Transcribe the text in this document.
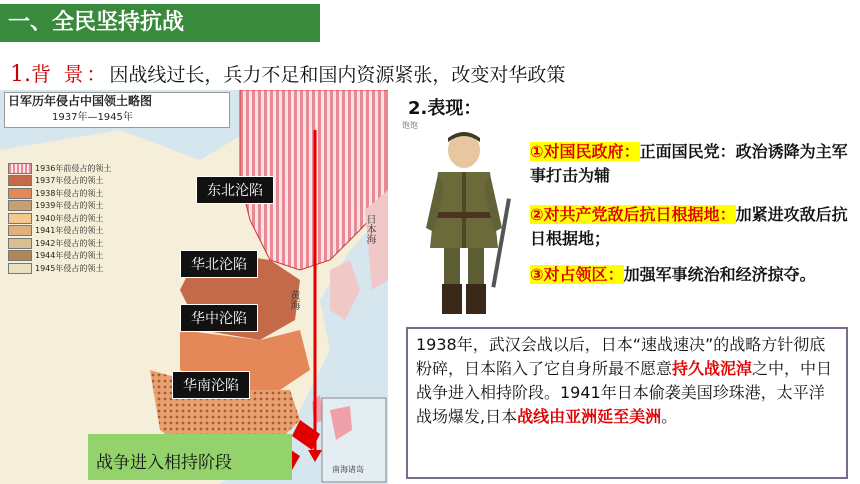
一、全民坚持抗战
1.背 景：因战线过长，兵力不足和国内资源紧张，改变对华政策
日军历年侵占中国领土略图
1937年—1945年
1936年前侵占的领土
1937年侵占的领土
1938年侵占的领土
1939年侵占的领土
1940年侵占的领土
1941年侵占的领土
1942年侵占的领土
1944年侵占的领土
1945年侵占的领土
东北沦陷
华北沦陷
华中沦陷
华南沦陷
日本海
黄海
南海诸岛
战争进入相持阶段
2.表现：
饱饱
①对国民政府：正面国民党：政治诱降为主军事打击为辅
②对共产党敌后抗日根据地：加紧进攻敌后抗日根据地；
③对占领区：加强军事统治和经济掠夺。
1938年，武汉会战以后，日本“速战速决”的战略方针彻底粉碎，日本陷入了它自身所最不愿意持久战泥淖之中，中日战争进入相持阶段。1941年日本偷袭美国珍珠港，太平洋战场爆发,日本战线由亚洲延至美洲。
